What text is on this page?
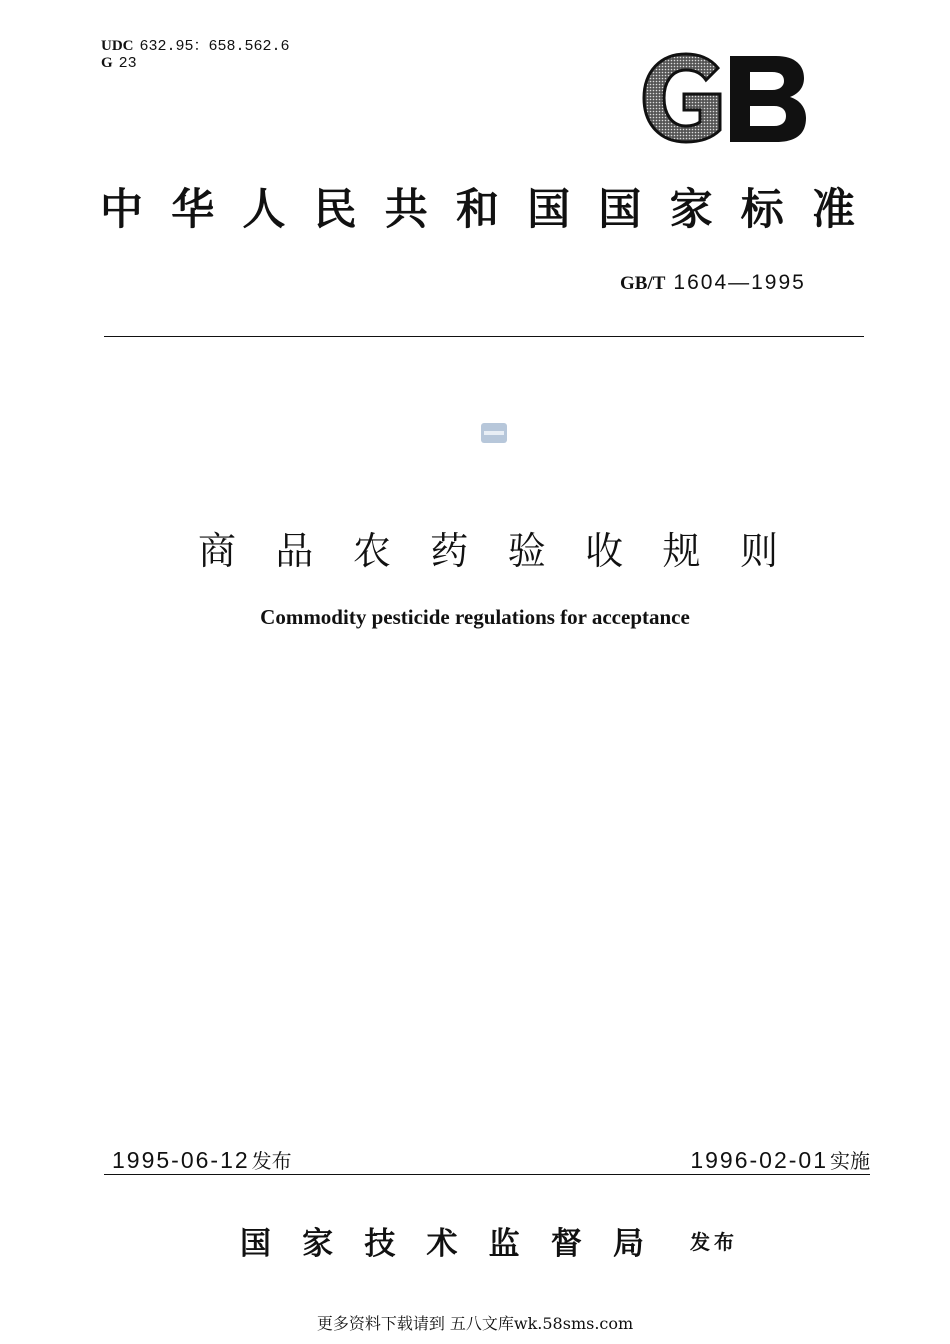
UDC 632.95：658.562.6
G 23
GB
中华人民共和国国家标准
GB/T 1604—1995
商品农药验收规则
Commodity pesticide regulations for acceptance
1995-06-12 发布	1996-02-01 实施
国家技术监督局 发布
更多资料下载请到 五八文库wk.58sms.com
